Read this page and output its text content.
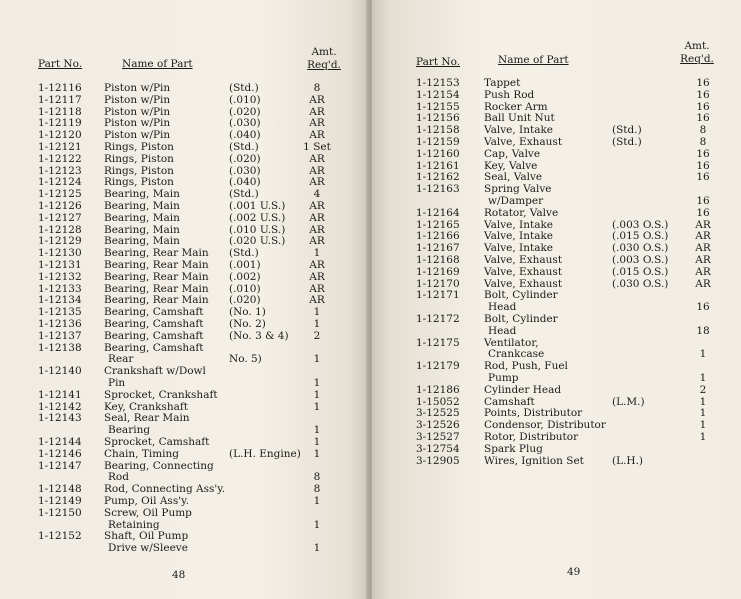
Part No.	Name of Part
Amt.
Req'd.
1-12116 Piston w/Pin	(Std.)	8
1-12117 Piston w/Pin	(.010)	AR
1-12118 Piston w/Pin	(.020)	AR
1-12119 Piston w/Pin	(.030)	AR
1-12120 Piston w/Pin	(.040)	AR
1-12121 Rings, Piston	(Std.)	1 Set
1-12122 Rings, Piston	(.020)	AR
1-12123 Rings, Piston	(.030)	AR
1-12124 Rings, Piston	(.040)	AR
1-12125 Bearing, Main	(Std.)	4
1-12126 Bearing, Main	(.001 U.S.)	AR
1-12127 Bearing, Main	(.002 U.S.)	AR
1-12128 Bearing, Main	(.010 U.S.)	AR
1-12129 Bearing, Main	(.020 U.S.)	AR
1-12130 Bearing, Rear Main (Std.)	1
1-12131 Bearing, Rear Main (.001)	AR
1-12132 Bearing, Rear Main (.002)	AR
1-12133 Bearing, Rear Main (.010)	AR
1-12134 Bearing, Rear Main (.020)	AR
1-12135 Bearing, Camshaft (No. 1)	1
1-12136 Bearing, Camshaft (No. 2)	1
1-12137 Bearing, Camshaft (No. 3 & 4)	2
1-12138 Bearing, Camshaft
Rear	No. 5)	1
1-12140 Crankshaft w/Dowl
Pin	1
1-12141 Sprocket, Crankshaft	1
1-12142 Key, Crankshaft	1
1-12143 Seal, Rear Main
Bearing	1
1-12144 Sprocket, Camshaft	1
1-12146 Chain, Timing	(L.H. Engine)	1
1-12147 Bearing, Connecting
Rod	8
1-12148 Rod, Connecting Ass'y.	8
1-12149 Pump, Oil Ass'y.	1
1-12150 Screw, Oil Pump
Retaining	1
1-12152 Shaft, Oil Pump
Drive w/Sleeve	1
48
Part No.	Name of Part
Amt.
Req'd.
1-12153 Tappet	16
1-12154 Push Rod	16
1-12155 Rocker Arm	16
1-12156 Ball Unit Nut	16
1-12158 Valve, Intake	(Std.)	8
1-12159 Valve, Exhaust	(Std.)	8
1-12160 Cap, Valve	16
1-12161 Key, Valve	16
1-12162 Seal, Valve	16
1-12163 Spring Valve
w/Damper	16
1-12164 Rotator, Valve	16
1-12165 Valve, Intake	(.003 O.S.)	AR
1-12166 Valve, Intake	(.015 O.S.)	AR
1-12167 Valve, Intake	(.030 O.S.)	AR
1-12168 Valve, Exhaust	(.003 O.S.)	AR
1-12169 Valve, Exhaust	(.015 O.S.)	AR
1-12170 Valve, Exhaust	(.030 O.S.)	AR
1-12171 Bolt, Cylinder
Head	16
1-12172 Bolt, Cylinder
Head	18
1-12175 Ventilator,
Crankcase	1
1-12179 Rod, Push, Fuel
Pump	1
1-12186 Cylinder Head	2
1-15052 Camshaft	(L.M.)	1
3-12525 Points, Distributor	1
3-12526 Condensor, Distributor	1
3-12527 Rotor, Distributor	1
3-12754 Spark Plug
3-12905 Wires, Ignition Set	(L.H.)
49
